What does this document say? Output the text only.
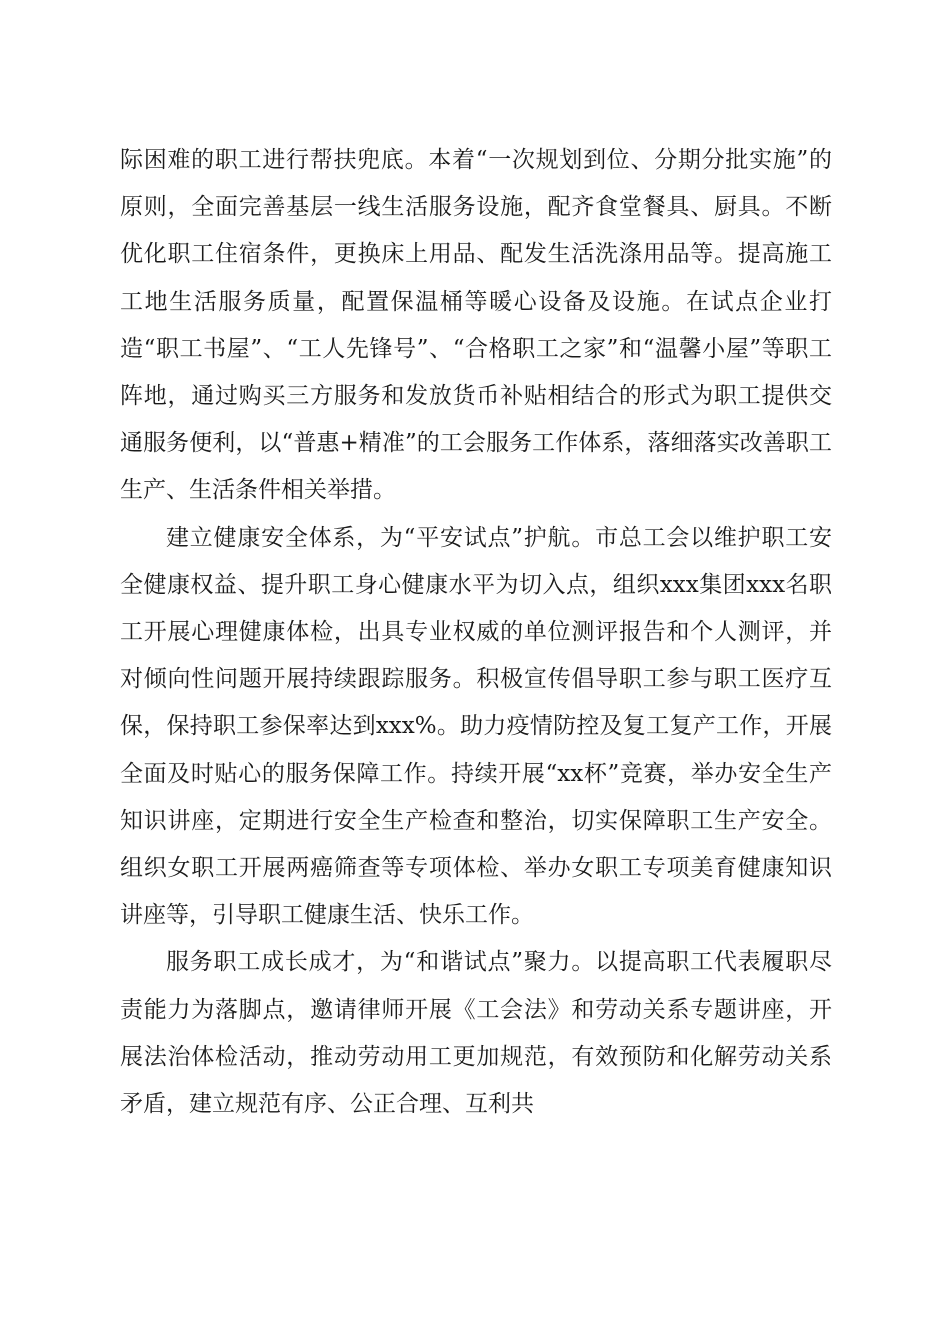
际困难的职工进行帮扶兜底。本着“一次规划到位、分期分批实施”的原则，全面完善基层一线生活服务设施，配齐食堂餐具、厨具。不断优化职工住宿条件，更换床上用品、配发生活洗涤用品等。提高施工工地生活服务质量，配置保温桶等暖心设备及设施。在试点企业打造“职工书屋”、“工人先锋号”、“合格职工之家”和“温馨小屋”等职工阵地，通过购买三方服务和发放货币补贴相结合的形式为职工提供交通服务便利，以“普惠+精准”的工会服务工作体系，落细落实改善职工生产、生活条件相关举措。

建立健康安全体系，为“平安试点”护航。市总工会以维护职工安全健康权益、提升职工身心健康水平为切入点，组织xxx集团xxx名职工开展心理健康体检，出具专业权威的单位测评报告和个人测评，并对倾向性问题开展持续跟踪服务。积极宣传倡导职工参与职工医疗互保，保持职工参保率达到xxx%。助力疫情防控及复工复产工作，开展全面及时贴心的服务保障工作。持续开展“xx杯”竞赛，举办安全生产知识讲座，定期进行安全生产检查和整治，切实保障职工生产安全。组织女职工开展两癌筛查等专项体检、举办女职工专项美育健康知识讲座等，引导职工健康生活、快乐工作。

服务职工成长成才，为“和谐试点”聚力。以提高职工代表履职尽责能力为落脚点，邀请律师开展《工会法》和劳动关系专题讲座，开展法治体检活动，推动劳动用工更加规范，有效预防和化解劳动关系矛盾，建立规范有序、公正合理、互利共
